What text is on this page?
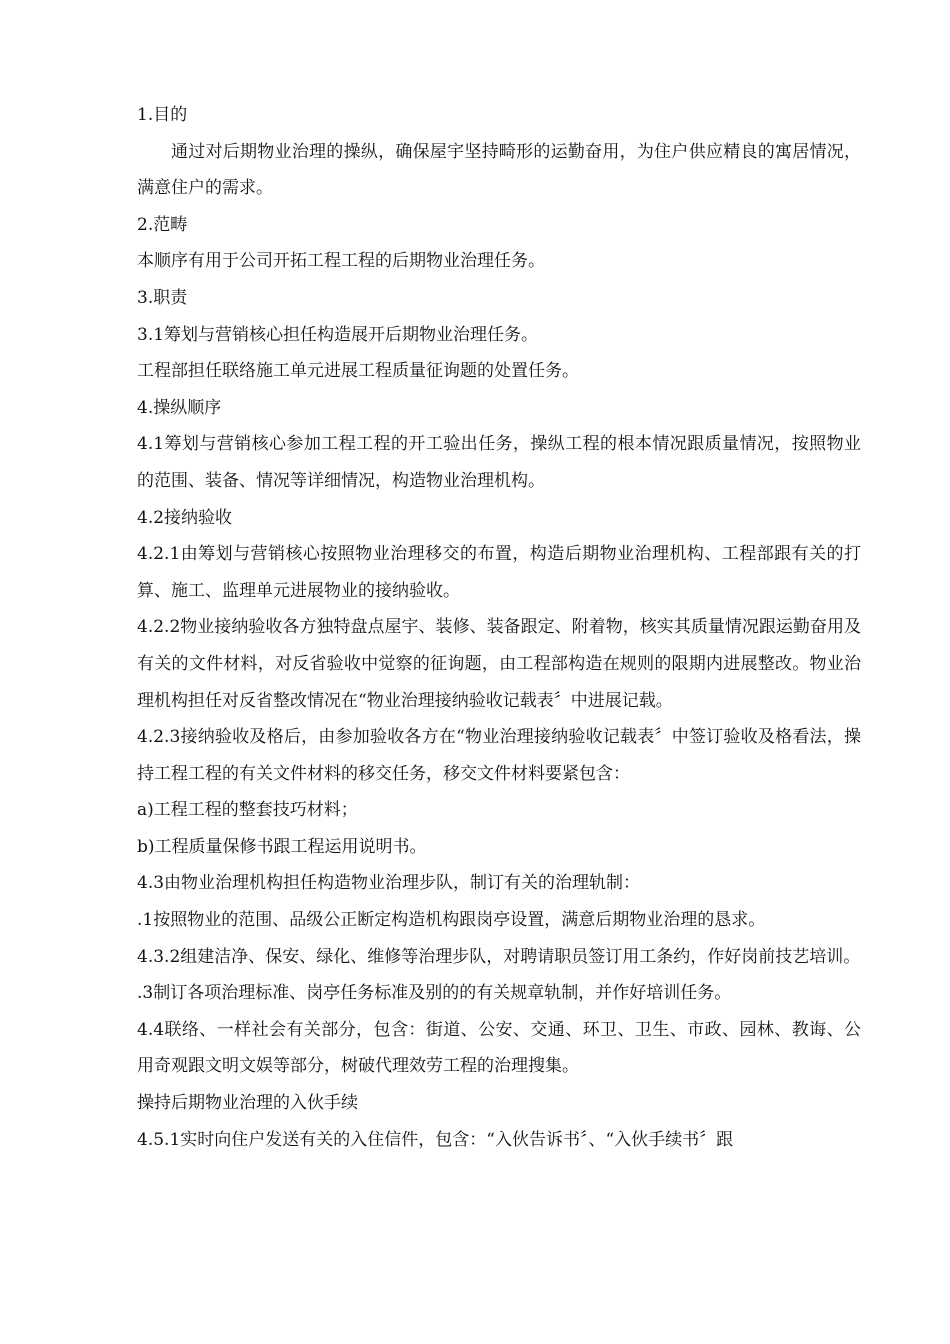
1.目的

通过对后期物业治理的操纵，确保屋宇坚持畸形的运勤奋用，为住户供应精良的寓居情况，满意住户的需求。

2.范畴

本顺序有用于公司开拓工程工程的后期物业治理任务。

3.职责

3.1筹划与营销核心担任构造展开后期物业治理任务。

工程部担任联络施工单元进展工程质量征询题的处置任务。

4.操纵顺序

4.1筹划与营销核心参加工程工程的开工验出任务，操纵工程的根本情况跟质量情况，按照物业的范围、装备、情况等详细情况，构造物业治理机构。

4.2接纳验收

4.2.1由筹划与营销核心按照物业治理移交的布置，构造后期物业治理机构、工程部跟有关的打算、施工、监理单元进展物业的接纳验收。

4.2.2物业接纳验收各方独特盘点屋宇、装修、装备跟定、附着物，核实其质量情况跟运勤奋用及有关的文件材料，对反省验收中觉察的征询题，由工程部构造在规则的限期内进展整改。物业治理机构担任对反省整改情况在“物业治理接纳验收记载表〞中进展记载。

4.2.3接纳验收及格后，由参加验收各方在“物业治理接纳验收记载表〞中签订验收及格看法，操持工程工程的有关文件材料的移交任务，移交文件材料要紧包含：

a)工程工程的整套技巧材料；

b)工程质量保修书跟工程运用说明书。

4.3由物业治理机构担任构造物业治理步队，制订有关的治理轨制：

.1按照物业的范围、品级公正断定构造机构跟岗亭设置，满意后期物业治理的恳求。

4.3.2组建洁净、保安、绿化、维修等治理步队，对聘请职员签订用工条约，作好岗前技艺培训。

.3制订各项治理标准、岗亭任务标准及别的的有关规章轨制，并作好培训任务。

4.4联络、一样社会有关部分，包含：街道、公安、交通、环卫、卫生、市政、园林、教诲、公用奇观跟文明文娱等部分，树破代理效劳工程的治理搜集。

操持后期物业治理的入伙手续

4.5.1实时向住户发送有关的入住信件，包含：“入伙告诉书〞、“入伙手续书〞跟
